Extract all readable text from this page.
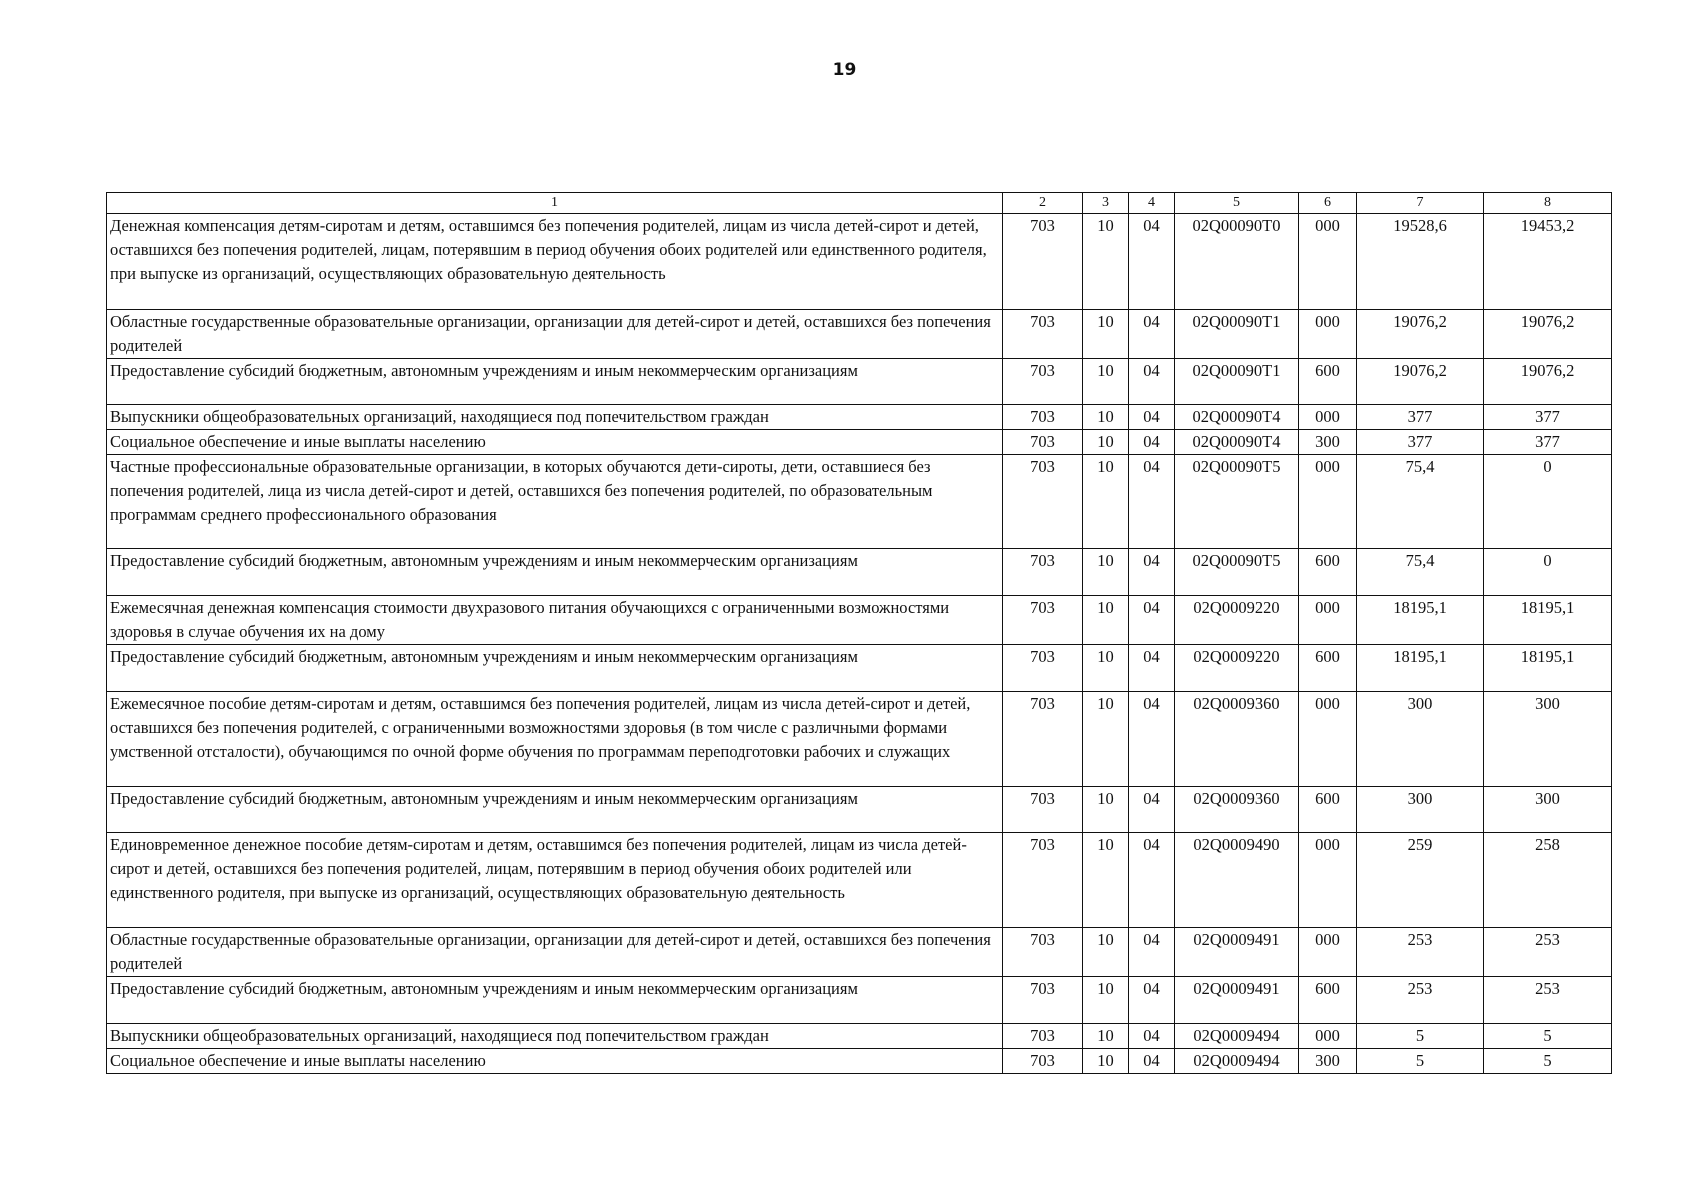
19
1	2	3	4	5	6	7	8
Денежная компенсация детям-сиротам и детям, оставшимся без попечения родителей, лицам из числа детей-сирот и детей, оставшихся без попечения родителей, лицам, потерявшим в период обучения обоих родителей или единственного родителя, при выпуске из организаций, осуществляющих образовательную деятельность	703	10	04	02Q00090T0	000	19528,6	19453,2
Областные государственные образовательные организации, организации для детей-сирот и детей, оставшихся без попечения родителей	703	10	04	02Q00090T1	000	19076,2	19076,2
Предоставление субсидий бюджетным, автономным учреждениям и иным некоммерческим организациям	703	10	04	02Q00090T1	600	19076,2	19076,2
Выпускники общеобразовательных организаций, находящиеся под попечительством граждан	703	10	04	02Q00090T4	000	377	377
Социальное обеспечение и иные выплаты населению	703	10	04	02Q00090T4	300	377	377
Частные профессиональные образовательные организации, в которых обучаются дети-сироты, дети, оставшиеся без попечения родителей, лица из числа детей-сирот и детей, оставшихся без попечения родителей, по образовательным программам среднего профессионального образования	703	10	04	02Q00090T5	000	75,4	0
Предоставление субсидий бюджетным, автономным учреждениям и иным некоммерческим организациям	703	10	04	02Q00090T5	600	75,4	0
Ежемесячная денежная компенсация стоимости двухразового питания обучающихся с ограниченными возможностями здоровья в случае обучения их на дому	703	10	04	02Q0009220	000	18195,1	18195,1
Предоставление субсидий бюджетным, автономным учреждениям и иным некоммерческим организациям	703	10	04	02Q0009220	600	18195,1	18195,1
Ежемесячное пособие детям-сиротам и детям, оставшимся без попечения родителей, лицам из числа детей-сирот и детей, оставшихся без попечения родителей, с ограниченными возможностями здоровья (в том числе с различными формами умственной отсталости), обучающимся по очной форме обучения по программам переподготовки рабочих и служащих	703	10	04	02Q0009360	000	300	300
Предоставление субсидий бюджетным, автономным учреждениям и иным некоммерческим организациям	703	10	04	02Q0009360	600	300	300
Единовременное денежное пособие детям-сиротам и детям, оставшимся без попечения родителей, лицам из числа детей-сирот и детей, оставшихся без попечения родителей, лицам, потерявшим в период обучения обоих родителей или единственного родителя, при выпуске из организаций, осуществляющих образовательную деятельность	703	10	04	02Q0009490	000	259	258
Областные государственные образовательные организации, организации для детей-сирот и детей, оставшихся без попечения родителей	703	10	04	02Q0009491	000	253	253
Предоставление субсидий бюджетным, автономным учреждениям и иным некоммерческим организациям	703	10	04	02Q0009491	600	253	253
Выпускники общеобразовательных организаций, находящиеся под попечительством граждан	703	10	04	02Q0009494	000	5	5
Социальное обеспечение и иные выплаты населению	703	10	04	02Q0009494	300	5	5
